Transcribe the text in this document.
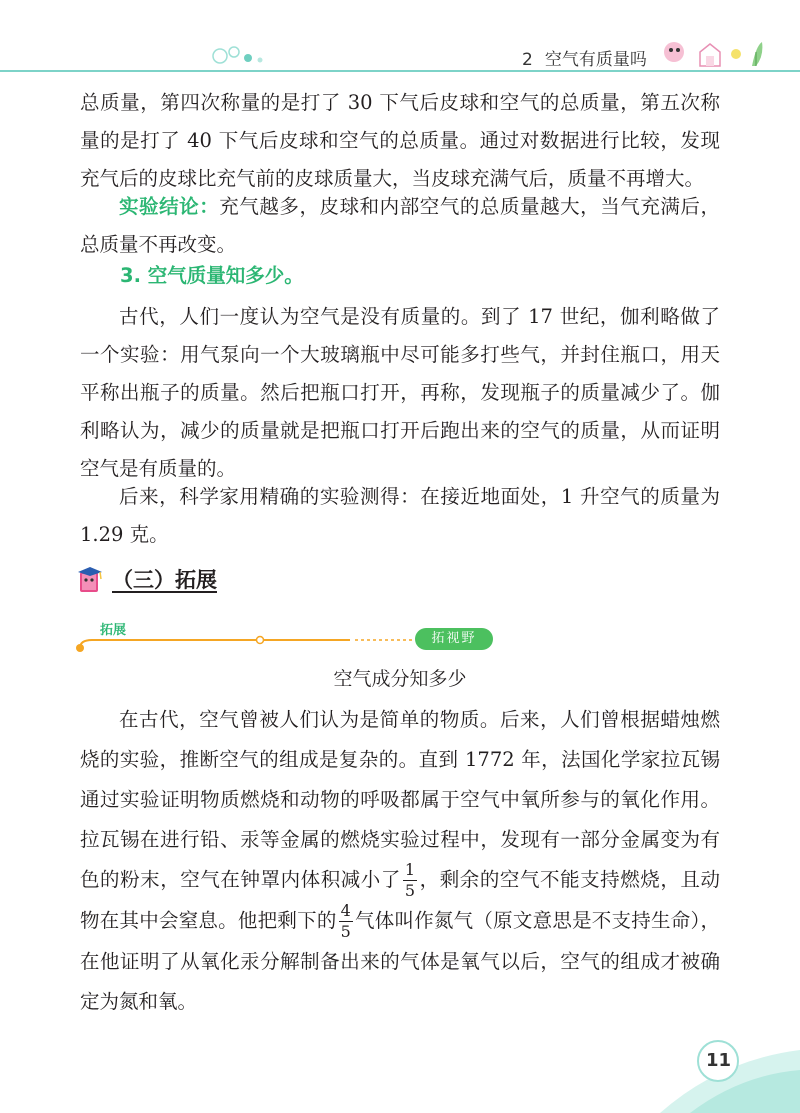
2 空气有质量吗

总质量，第四次称量的是打了 30 下气后皮球和空气的总质量，第五次称量的是打了 40 下气后皮球和空气的总质量。通过对数据进行比较，发现充气后的皮球比充气前的皮球质量大，当皮球充满气后，质量不再增大。

实验结论：充气越多，皮球和内部空气的总质量越大，当气充满后，总质量不再改变。

3. 空气质量知多少。

古代，人们一度认为空气是没有质量的。到了 17 世纪，伽利略做了一个实验：用气泵向一个大玻璃瓶中尽可能多打些气，并封住瓶口，用天平称出瓶子的质量。然后把瓶口打开，再称，发现瓶子的质量减少了。伽利略认为，减少的质量就是把瓶口打开后跑出来的空气的质量，从而证明空气是有质量的。

后来，科学家用精确的实验测得：在接近地面处，1 升空气的质量为 1.29 克。

（三）拓展
拓展
拓视野
空气成分知多少

在古代，空气曾被人们认为是简单的物质。后来，人们曾根据蜡烛燃烧的实验，推断空气的组成是复杂的。直到 1772 年，法国化学家拉瓦锡通过实验证明物质燃烧和动物的呼吸都属于空气中氧所参与的氧化作用。拉瓦锡在进行铅、汞等金属的燃烧实验过程中，发现有一部分金属变为有色的粉末，空气在钟罩内体积减小了 $\frac{1}{5}$ ，剩余的空气不能支持燃烧，且动物在其中会窒息。他把剩下的 $\frac{4}{5}$ 气体叫作氮气（原文意思是不支持生命），在他证明了从氧化汞分解制备出来的气体是氧气以后，空气的组成才被确定为氮和氧。

11
